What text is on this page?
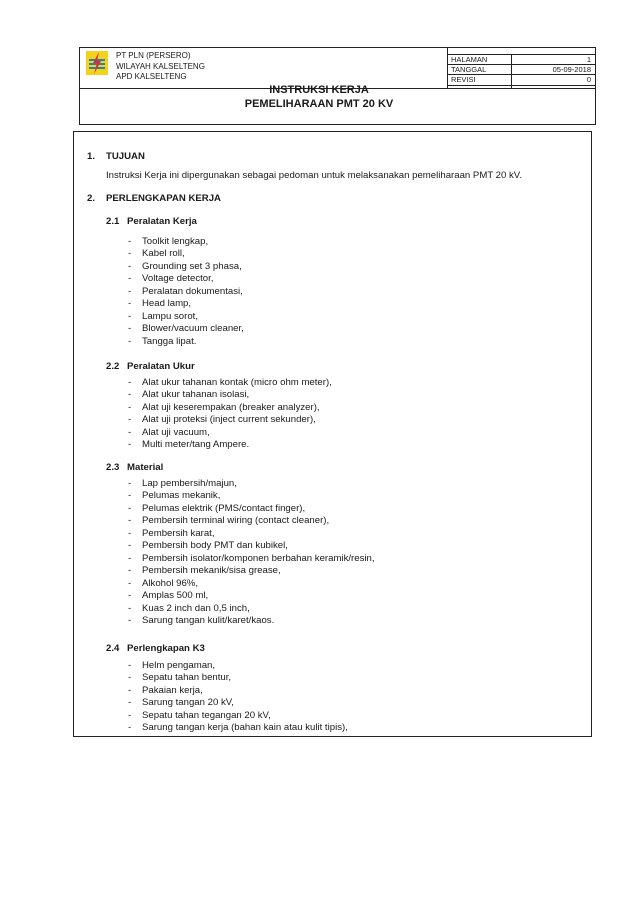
PT PLN (PERSERO)
WILAYAH KALSELTENG
APD KALSELTENG
HALAMAN	1
TANGGAL	05-09-2018
REVISI	0
INSTRUKSI KERJA
PEMELIHARAAN PMT 20 KV
1. TUJUAN
Instruksi Kerja ini dipergunakan sebagai pedoman untuk melaksanakan pemeliharaan PMT 20 kV.
2. PERLENGKAPAN KERJA
2.1 Peralatan Kerja
- Toolkit lengkap,
- Kabel roll,
- Grounding set 3 phasa,
- Voltage detector,
- Peralatan dokumentasi,
- Head lamp,
- Lampu sorot,
- Blower/vacuum cleaner,
- Tangga lipat.
2.2 Peralatan Ukur
- Alat ukur tahanan kontak (micro ohm meter),
- Alat ukur tahanan isolasi,
- Alat uji keserempakan (breaker analyzer),
- Alat uji proteksi (inject current sekunder),
- Alat uji vacuum,
- Multi meter/tang Ampere.
2.3 Material
- Lap pembersih/majun,
- Pelumas mekanik,
- Pelumas elektrik (PMS/contact finger),
- Pembersih terminal wiring (contact cleaner),
- Pembersih karat,
- Pembersih body PMT dan kubikel,
- Pembersih isolator/komponen berbahan keramik/resin,
- Pembersih mekanik/sisa grease,
- Alkohol 96%,
- Amplas 500 ml,
- Kuas 2 inch dan 0,5 inch,
- Sarung tangan kulit/karet/kaos.
2.4 Perlengkapan K3
- Helm pengaman,
- Sepatu tahan bentur,
- Pakaian kerja,
- Sarung tangan 20 kV,
- Sepatu tahan tegangan 20 kV,
- Sarung tangan kerja (bahan kain atau kulit tipis),
